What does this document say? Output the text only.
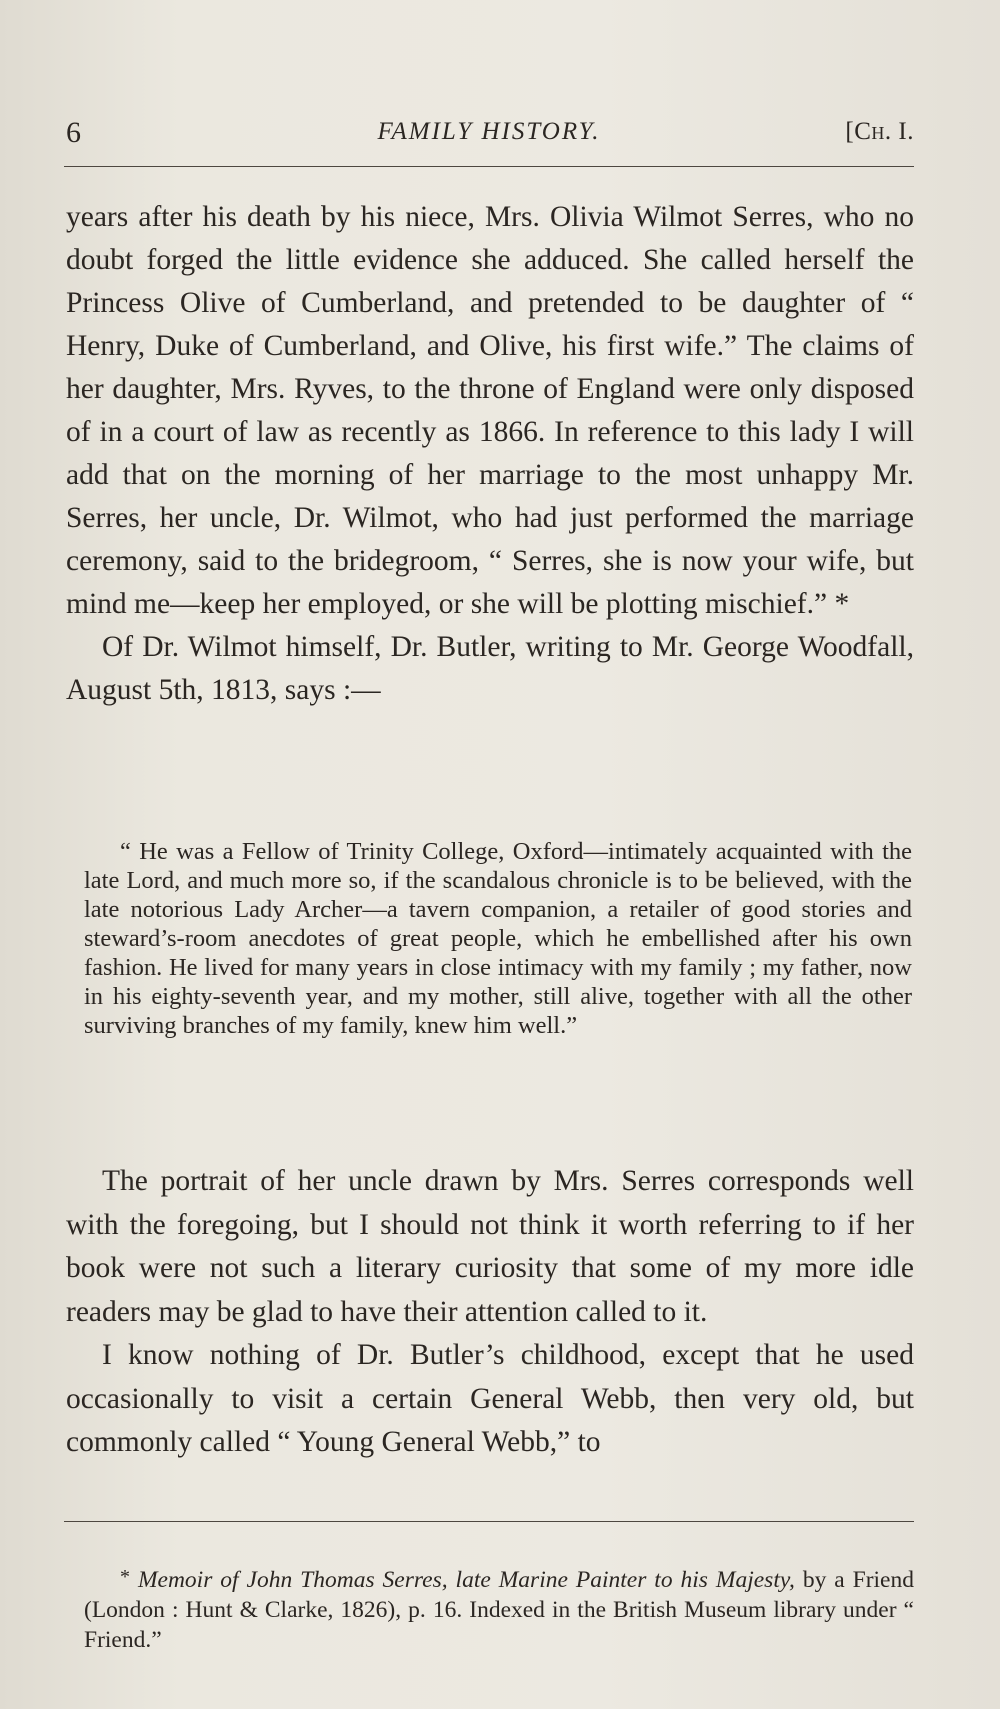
6	FAMILY HISTORY.	[Ch. I.

years after his death by his niece, Mrs. Olivia Wilmot Serres, who no doubt forged the little evidence she adduced. She called herself the Princess Olive of Cumberland, and pretended to be daughter of “ Henry, Duke of Cumberland, and Olive, his first wife.” The claims of her daughter, Mrs. Ryves, to the throne of England were only disposed of in a court of law as recently as 1866. In reference to this lady I will add that on the morning of her marriage to the most unhappy Mr. Serres, her uncle, Dr. Wilmot, who had just performed the marriage ceremony, said to the bridegroom, “ Serres, she is now your wife, but mind me—keep her employed, or she will be plotting mischief.” *

Of Dr. Wilmot himself, Dr. Butler, writing to Mr. George Woodfall, August 5th, 1813, says :—

“ He was a Fellow of Trinity College, Oxford—intimately acquainted with the late Lord, and much more so, if the scandalous chronicle is to be believed, with the late notorious Lady Archer—a tavern companion, a retailer of good stories and steward’s-room anecdotes of great people, which he embellished after his own fashion. He lived for many years in close intimacy with my family ; my father, now in his eighty-seventh year, and my mother, still alive, together with all the other surviving branches of my family, knew him well.”

The portrait of her uncle drawn by Mrs. Serres corresponds well with the foregoing, but I should not think it worth referring to if her book were not such a literary curiosity that some of my more idle readers may be glad to have their attention called to it.

I know nothing of Dr. Butler’s childhood, except that he used occasionally to visit a certain General Webb, then very old, but commonly called “ Young General Webb,” to

* Memoir of John Thomas Serres, late Marine Painter to his Majesty, by a Friend (London : Hunt & Clarke, 1826), p. 16. Indexed in the British Museum library under “ Friend.”
